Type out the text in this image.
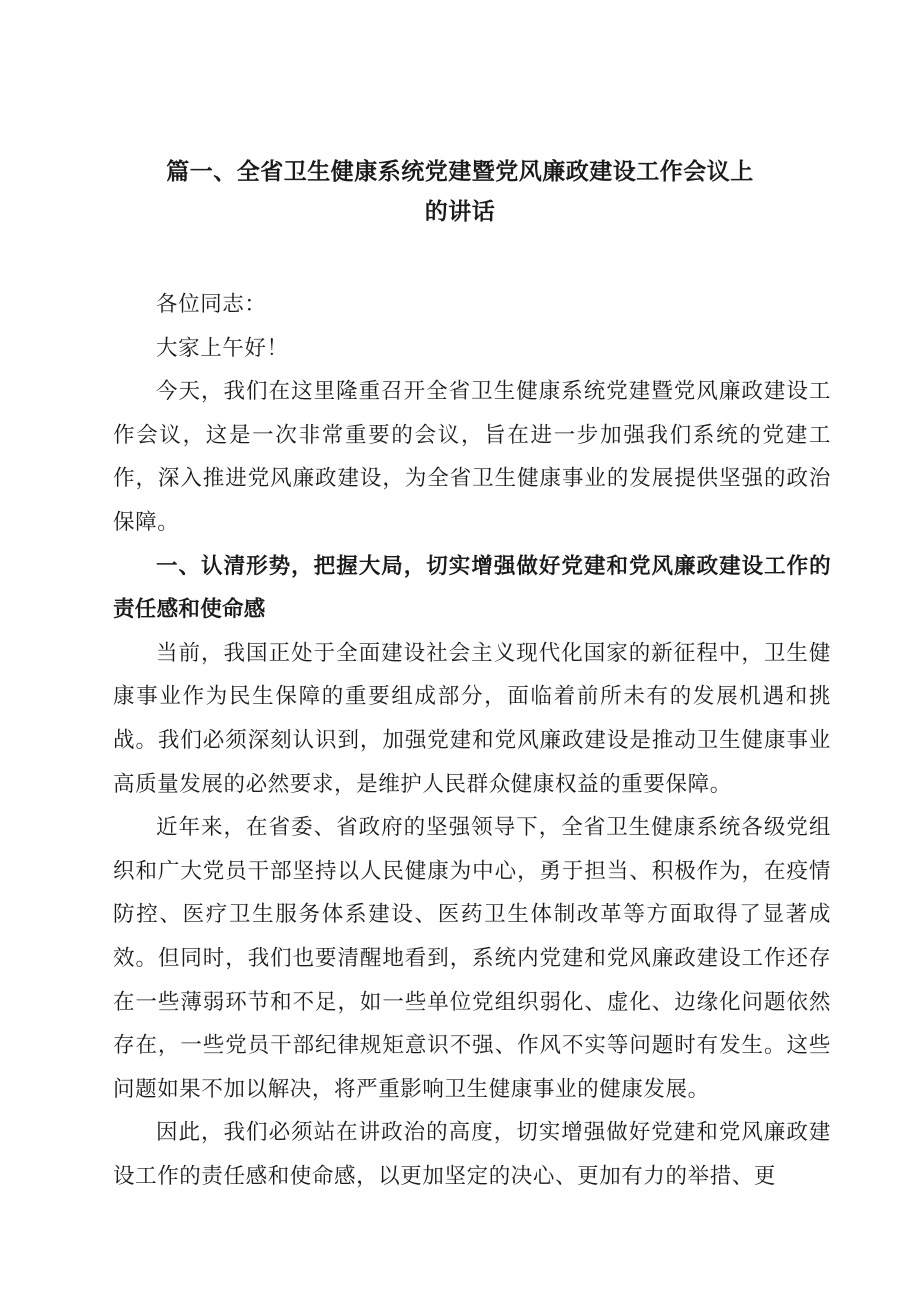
篇一、全省卫生健康系统党建暨党风廉政建设工作会议上
的讲话

各位同志：

大家上午好！

今天，我们在这里隆重召开全省卫生健康系统党建暨党风廉政建设工作会议，这是一次非常重要的会议，旨在进一步加强我们系统的党建工作，深入推进党风廉政建设，为全省卫生健康事业的发展提供坚强的政治保障。

一、认清形势，把握大局，切实增强做好党建和党风廉政建设工作的责任感和使命感

当前，我国正处于全面建设社会主义现代化国家的新征程中，卫生健康事业作为民生保障的重要组成部分，面临着前所未有的发展机遇和挑战。我们必须深刻认识到，加强党建和党风廉政建设是推动卫生健康事业高质量发展的必然要求，是维护人民群众健康权益的重要保障。

近年来，在省委、省政府的坚强领导下，全省卫生健康系统各级党组织和广大党员干部坚持以人民健康为中心，勇于担当、积极作为，在疫情防控、医疗卫生服务体系建设、医药卫生体制改革等方面取得了显著成效。但同时，我们也要清醒地看到，系统内党建和党风廉政建设工作还存在一些薄弱环节和不足，如一些单位党组织弱化、虚化、边缘化问题依然存在，一些党员干部纪律规矩意识不强、作风不实等问题时有发生。这些问题如果不加以解决，将严重影响卫生健康事业的健康发展。

因此，我们必须站在讲政治的高度，切实增强做好党建和党风廉政建设工作的责任感和使命感，以更加坚定的决心、更加有力的举措、更
